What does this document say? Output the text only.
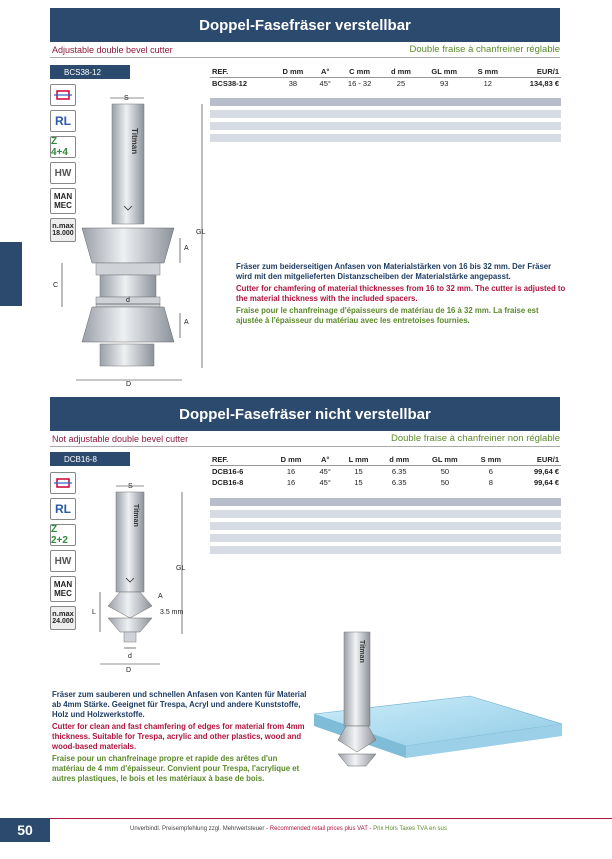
Doppel-Fasefräser verstellbar
Adjustable double bevel cutter	Double fraise à chanfreiner réglable
BCS38-12
RL
Z 4+4
HW
MAN
MEC
n.max
18.000
REF.	D mm	A°	C mm	d mm	GL mm	S mm	EUR/1
BCS38-12	38	45°	16 - 32	25	93	12	134,83 €
S
Titman
GL
A
A
C
d
D

Fräser zum beiderseitigen Anfasen von Materialstärken von 16 bis 32 mm. Der Fräser wird mit den mitgelieferten Distanzscheiben der Materialstärke angepasst.

Cutter for chamfering of material thicknesses from 16 to 32 mm. The cutter is adjusted to the material thickness with the included spacers.

Fraise pour le chanfreinage d'épaisseurs de matériau de 16 à 32 mm. La fraise est ajustée à l'épaisseur du matériau avec les entretoises fournies.

Doppel-Fasefräser nicht verstellbar
Not adjustable double bevel cutter	Double fraise à chanfreiner non réglable
DCB16-8
RL
Z 2+2
HW
MAN
MEC
n.max
24.000
REF.	D mm	A°	L mm	d mm	GL mm	S mm	EUR/1
DCB16-6	16	45°	15	6.35	50	6	99,64 €
DCB16-8	16	45°	15	6.35	50	8	99,64 €
S
Titman
GL
A
L	3.5 mm
d
D
Titman

Fräser zum sauberen und schnellen Anfasen von Kanten für Material ab 4mm Stärke. Geeignet für Trespa, Acryl und andere Kunststoffe, Holz und Holzwerkstoffe.

Cutter for clean and fast chamfering of edges for material from 4mm thickness. Suitable for Trespa, acrylic and other plastics, wood and wood-based materials.

Fraise pour un chanfreinage propre et rapide des arêtes d'un matériau de 4 mm d'épaisseur. Convient pour Trespa, l'acrylique et autres plastiques, le bois et les matériaux à base de bois.

50	Unverbindl. Preisempfehlung zzgl. Mehrwertsteuer - Recommended retail prices plus VAT - Prix Hors Taxes TVA en sus
